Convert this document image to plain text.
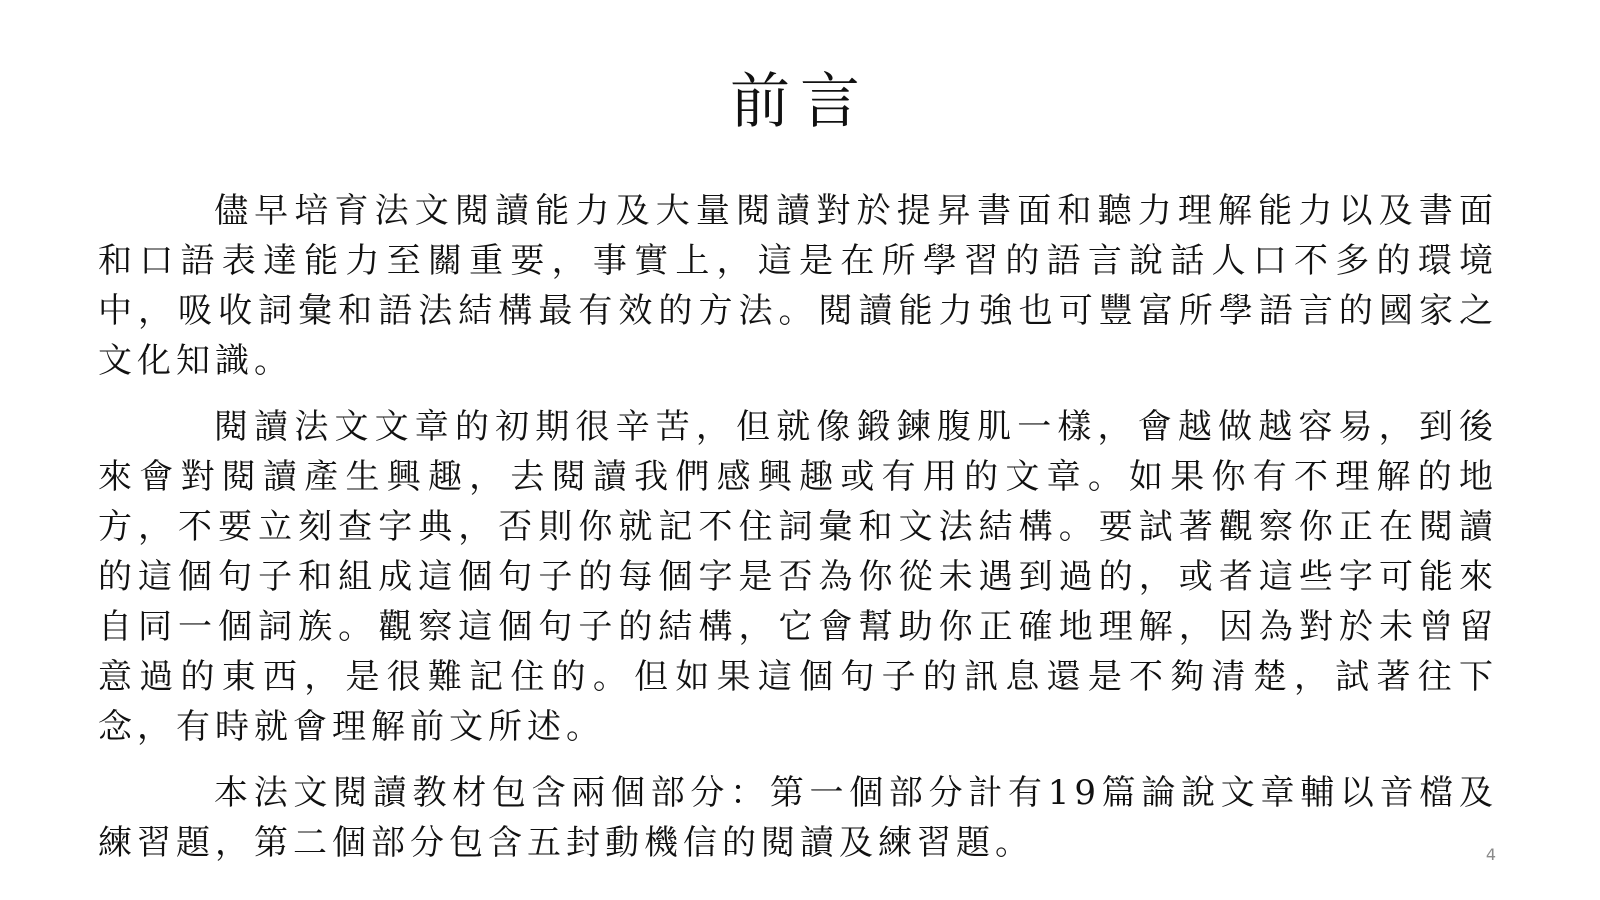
前言

儘早培育法文閱讀能力及大量閱讀對於提昇書面和聽力理解能力以及書面和口語表達能力至關重要，事實上，這是在所學習的語言說話人口不多的環境中，吸收詞彙和語法結構最有效的方法。閱讀能力強也可豐富所學語言的國家之文化知識。

閱讀法文文章的初期很辛苦，但就像鍛鍊腹肌一樣，會越做越容易，到後來會對閱讀產生興趣，去閱讀我們感興趣或有用的文章。如果你有不理解的地方，不要立刻查字典，否則你就記不住詞彙和文法結構。要試著觀察你正在閱讀的這個句子和組成這個句子的每個字是否為你從未遇到過的，或者這些字可能來自同一個詞族。觀察這個句子的結構，它會幫助你正確地理解，因為對於未曾留意過的東西，是很難記住的。但如果這個句子的訊息還是不夠清楚，試著往下念，有時就會理解前文所述。

本法文閱讀教材包含兩個部分：第一個部分計有19篇論說文章輔以音檔及練習題，第二個部分包含五封動機信的閱讀及練習題。	4
